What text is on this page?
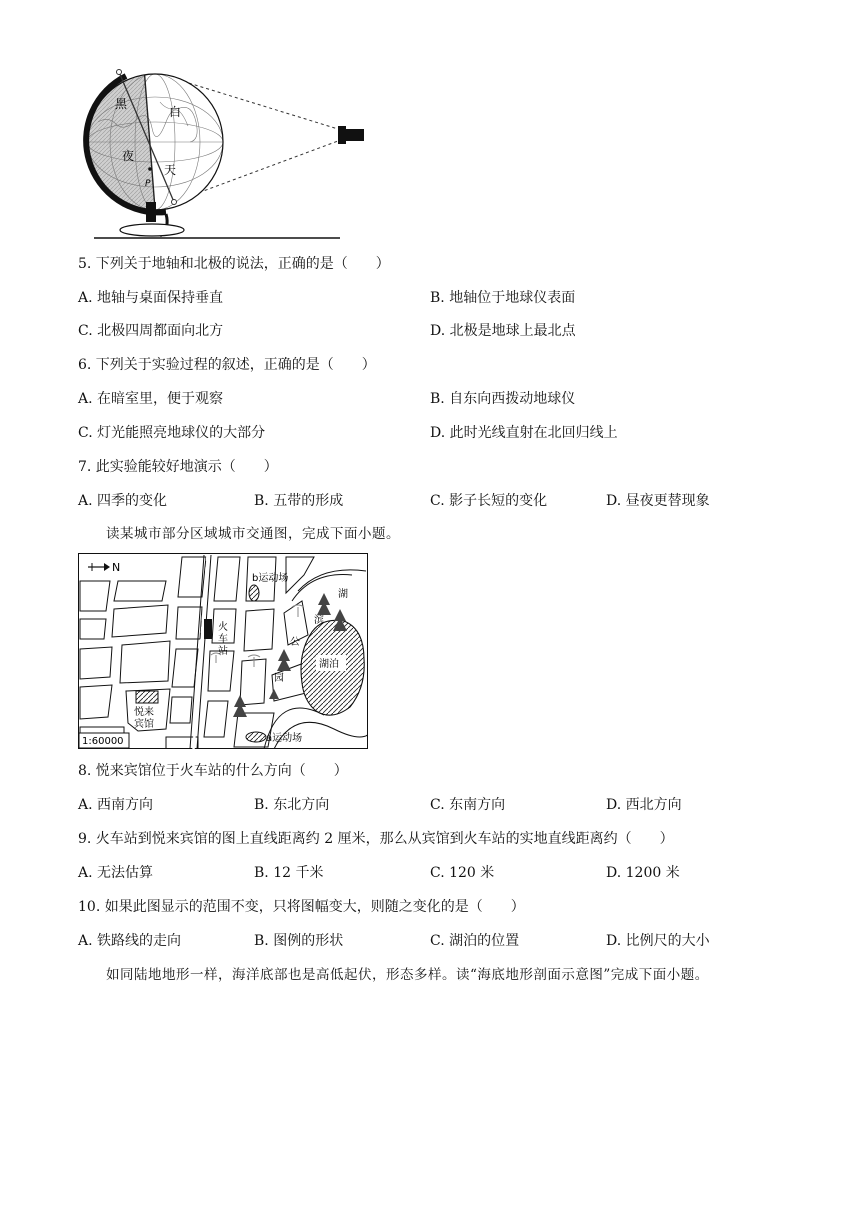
黑
夜
白
天
P
5. 下列关于地轴和北极的说法，正确的是（　　）
A. 地轴与桌面保持垂直	B. 地轴位于地球仪表面
C. 北极四周都面向北方	D. 北极是地球上最北点
6. 下列关于实验过程的叙述，正确的是（　　）
A. 在暗室里，便于观察	B. 自东向西拨动地球仪
C. 灯光能照亮地球仪的大部分	D. 此时光线直射在北回归线上
7. 此实验能较好地演示（　　）
A. 四季的变化	B. 五带的形成	C. 影子长短的变化	D. 昼夜更替现象
读某城市部分区域城市交通图，完成下面小题。
火
车
站
湖泊
b运动场
a运动场
悦来
宾馆
湖
滨
公
园
N
1:60000
8. 悦来宾馆位于火车站的什么方向（　　）
A. 西南方向	B. 东北方向	C. 东南方向	D. 西北方向
9. 火车站到悦来宾馆的图上直线距离约 2 厘米，那么从宾馆到火车站的实地直线距离约（　　）
A. 无法估算	B. 12 千米	C. 120 米	D. 1200 米
10. 如果此图显示的范围不变，只将图幅变大，则随之变化的是（　　）
A. 铁路线的走向	B. 图例的形状	C. 湖泊的位置	D. 比例尺的大小
如同陆地地形一样，海洋底部也是高低起伏，形态多样。读“海底地形剖面示意图”完成下面小题。
